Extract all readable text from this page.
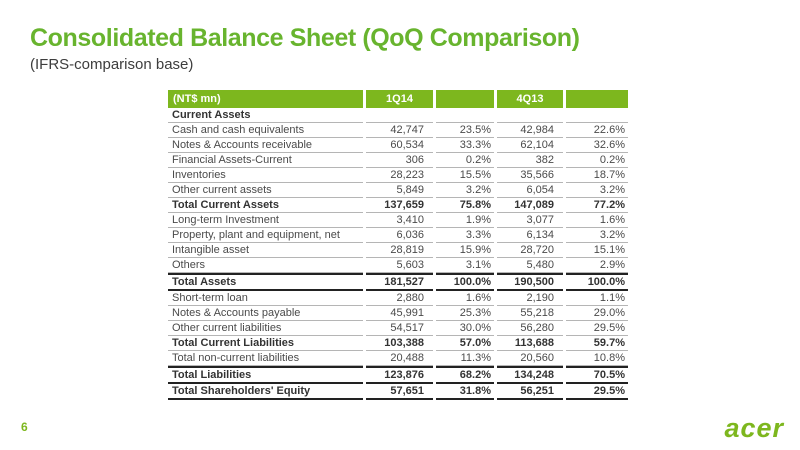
Consolidated Balance Sheet (QoQ Comparison)
(IFRS-comparison base)
(NT$ mn)	1Q14		4Q13	
Current Assets				
Cash and cash equivalents	42,747	23.5%	42,984	22.6%
Notes & Accounts receivable	60,534	33.3%	62,104	32.6%
Financial Assets-Current	306	0.2%	382	0.2%
Inventories	28,223	15.5%	35,566	18.7%
Other current assets	5,849	3.2%	6,054	3.2%
Total Current Assets	137,659	75.8%	147,089	77.2%
Long-term Investment	3,410	1.9%	3,077	1.6%
Property, plant and equipment, net	6,036	3.3%	6,134	3.2%
Intangible asset	28,819	15.9%	28,720	15.1%
Others	5,603	3.1%	5,480	2.9%
Total Assets	181,527	100.0%	190,500	100.0%
Short-term loan	2,880	1.6%	2,190	1.1%
Notes & Accounts payable	45,991	25.3%	55,218	29.0%
Other current liabilities	54,517	30.0%	56,280	29.5%
Total Current Liabilities	103,388	57.0%	113,688	59.7%
Total non-current liabilities	20,488	11.3%	20,560	10.8%
Total Liabilities	123,876	68.2%	134,248	70.5%
Total Shareholders' Equity	57,651	31.8%	56,251	29.5%
6	acer
